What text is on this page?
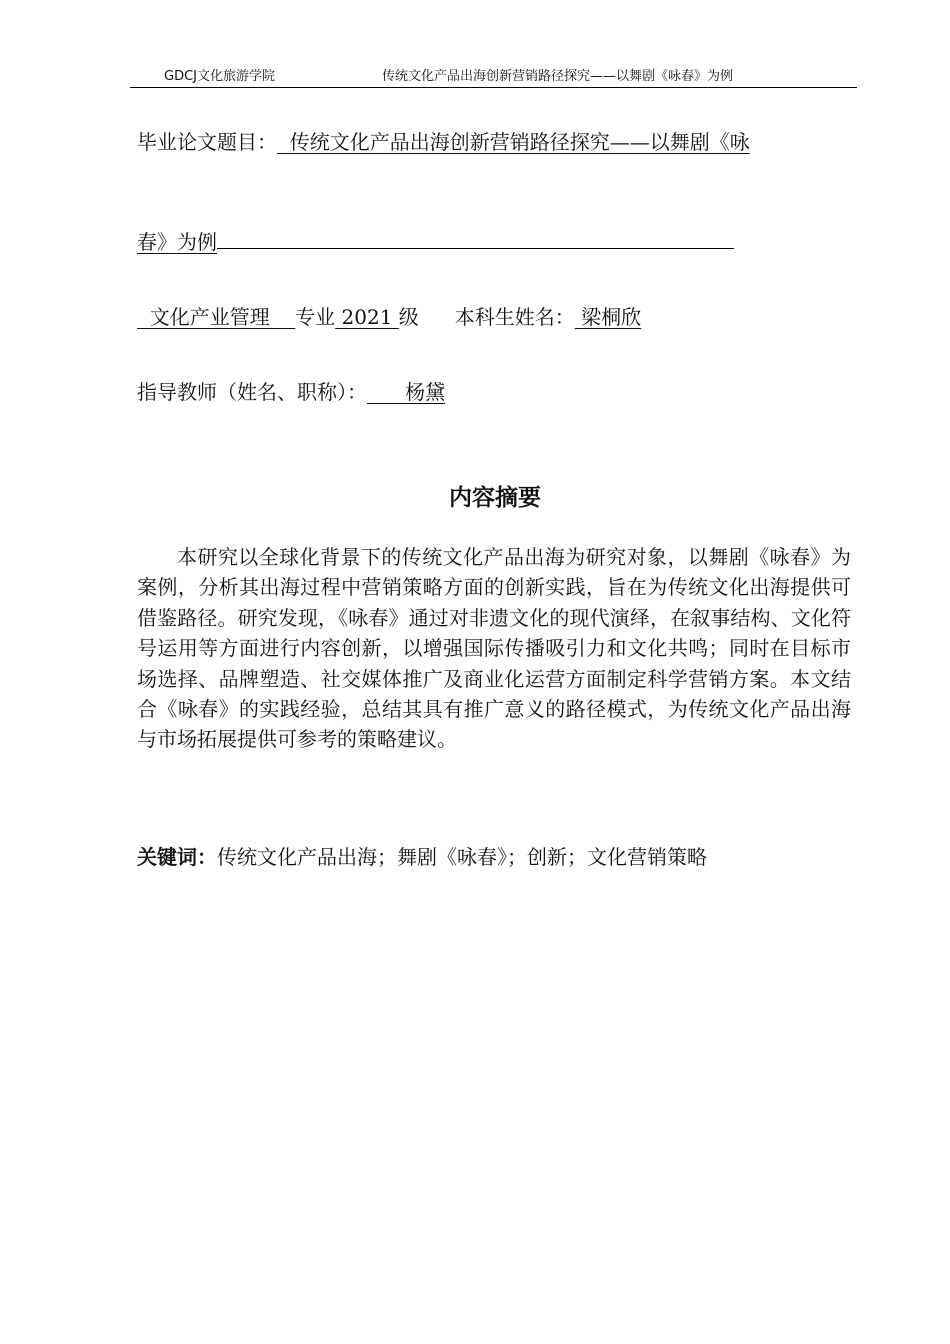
GDCJ文化旅游学院	传统文化产品出海创新营销路径探究——以舞剧《咏春》为例
毕业论文题目：  传统文化产品出海创新营销路径探究——以舞剧《咏
春》为例
文化产业管理    专业 2021 级 本科生姓名： 梁桐欣
指导教师（姓名、职称）：      杨黛
内容摘要

本研究以全球化背景下的传统文化产品出海为研究对象，以舞剧《咏春》为案例，分析其出海过程中营销策略方面的创新实践，旨在为传统文化出海提供可借鉴路径。研究发现，《咏春》通过对非遗文化的现代演绎，在叙事结构、文化符号运用等方面进行内容创新，以增强国际传播吸引力和文化共鸣；同时在目标市场选择、品牌塑造、社交媒体推广及商业化运营方面制定科学营销方案。本文结合《咏春》的实践经验，总结其具有推广意义的路径模式，为传统文化产品出海与市场拓展提供可参考的策略建议。

关键词：传统文化产品出海；舞剧《咏春》；创新；文化营销策略
